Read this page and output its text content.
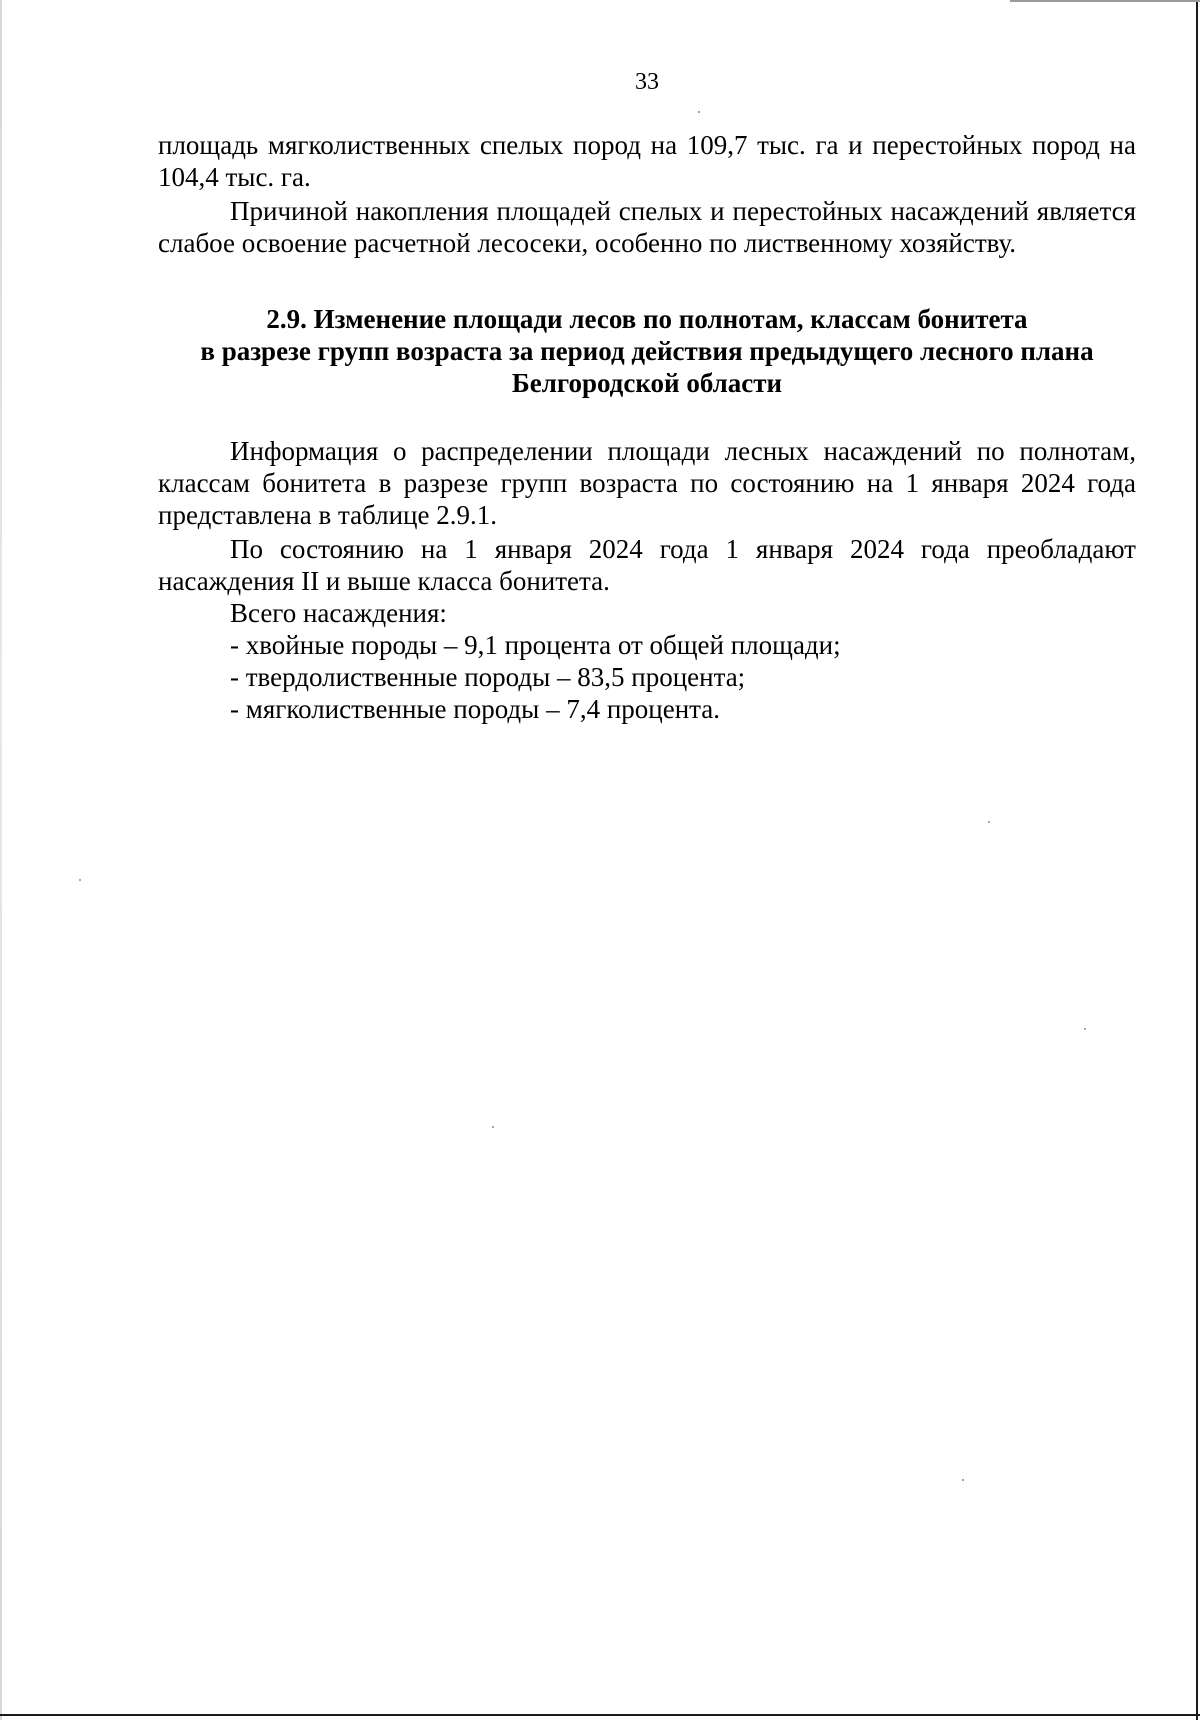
33

площадь мягколиственных спелых пород на 109,7 тыс. га и перестойных пород на 104,4 тыс. га.

Причиной накопления площадей спелых и перестойных насаждений является слабое освоение расчетной лесосеки, особенно по лиственному хозяйству.

2.9. Изменение площади лесов по полнотам, классам бонитета
в разрезе групп возраста за период действия предыдущего лесного плана
Белгородской области

Информация о распределении площади лесных насаждений по полнотам, классам бонитета в разрезе групп возраста по состоянию на 1 января 2024 года представлена в таблице 2.9.1.

По состоянию на 1 января 2024 года 1 января 2024 года преобладают насаждения II и выше класса бонитета.

Всего насаждения:

- хвойные породы – 9,1 процента от общей площади;

- твердолиственные породы – 83,5 процента;

- мягколиственные породы – 7,4 процента.
